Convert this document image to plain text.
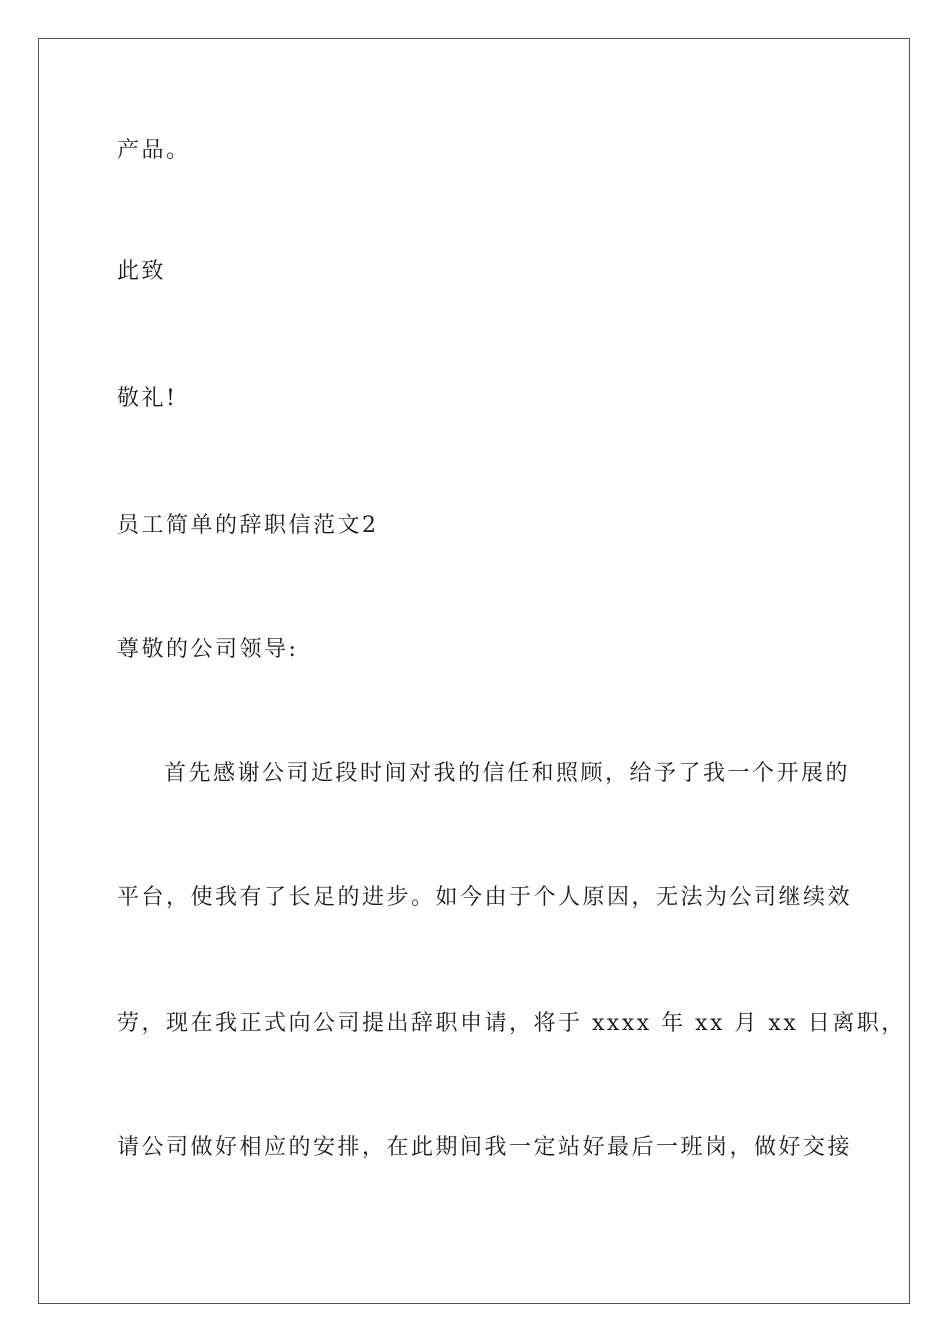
产品。
此致
敬礼!
员工简单的辞职信范文2
尊敬的公司领导:
首先感谢公司近段时间对我的信任和照顾，给予了我一个开展的
平台，使我有了长足的进步。如今由于个人原因，无法为公司继续效
劳，现在我正式向公司提出辞职申请，将于 xxxx 年 xx 月 xx 日离职，
请公司做好相应的安排，在此期间我一定站好最后一班岗，做好交接
